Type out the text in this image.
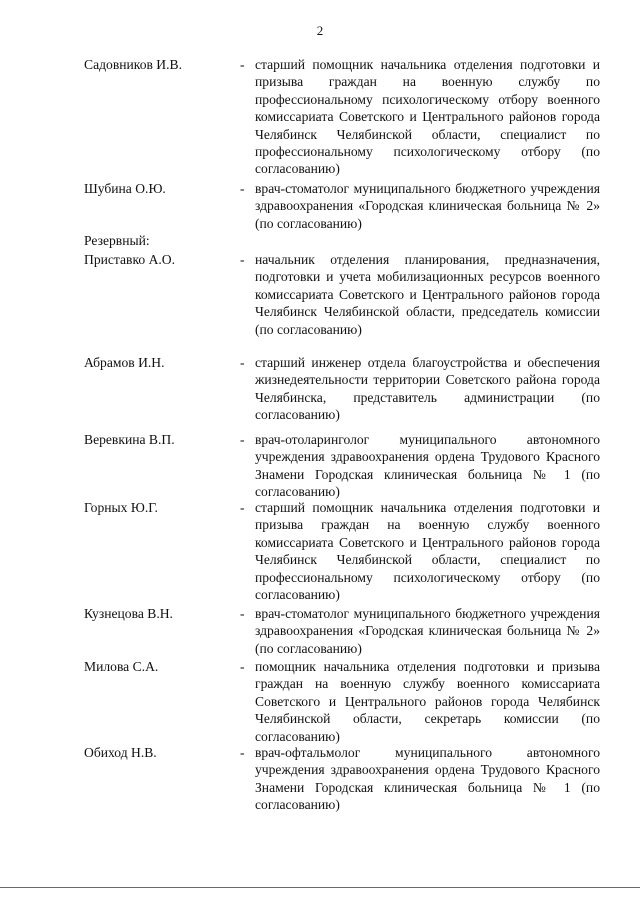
2
Садовников И.В.	- старший помощник начальника отделения подготовки и призыва граждан на военную службу по профессиональному психологическому отбору военного комиссариата Советского и Центрального районов города Челябинск Челябинской области, специалист по профессиональному психологическому отбору (по согласованию)
Шубина О.Ю.	- врач-стоматолог муниципального бюджетного учреждения здравоохранения «Городская клиническая больница № 2» (по согласованию)
Резервный:
Приставко А.О.	- начальник отделения планирования, предназначения, подготовки и учета мобилизационных ресурсов военного комиссариата Советского и Центрального районов города Челябинск Челябинской области, председатель комиссии (по согласованию)
Абрамов И.Н.	- старший инженер отдела благоустройства и обеспечения жизнедеятельности территории Советского района города Челябинска, представитель администрации (по согласованию)
Веревкина В.П.	- врач-отоларинголог муниципального автономного учреждения здравоохранения ордена Трудового Красного Знамени Городская клиническая больница № 1 (по согласованию)
Горных Ю.Г.	- старший помощник начальника отделения подготовки и призыва граждан на военную службу военного комиссариата Советского и Центрального районов города Челябинск Челябинской области, специалист по профессиональному психологическому отбору (по согласованию)
Кузнецова В.Н.	- врач-стоматолог муниципального бюджетного учреждения здравоохранения «Городская клиническая больница № 2» (по согласованию)
Милова С.А.	- помощник начальника отделения подготовки и призыва граждан на военную службу военного комиссариата Советского и Центрального районов города Челябинск Челябинской области, секретарь комиссии (по согласованию)
Обиход Н.В.	- врач-офтальмолог муниципального автономного учреждения здравоохранения ордена Трудового Красного Знамени Городская клиническая больница № 1 (по согласованию)
